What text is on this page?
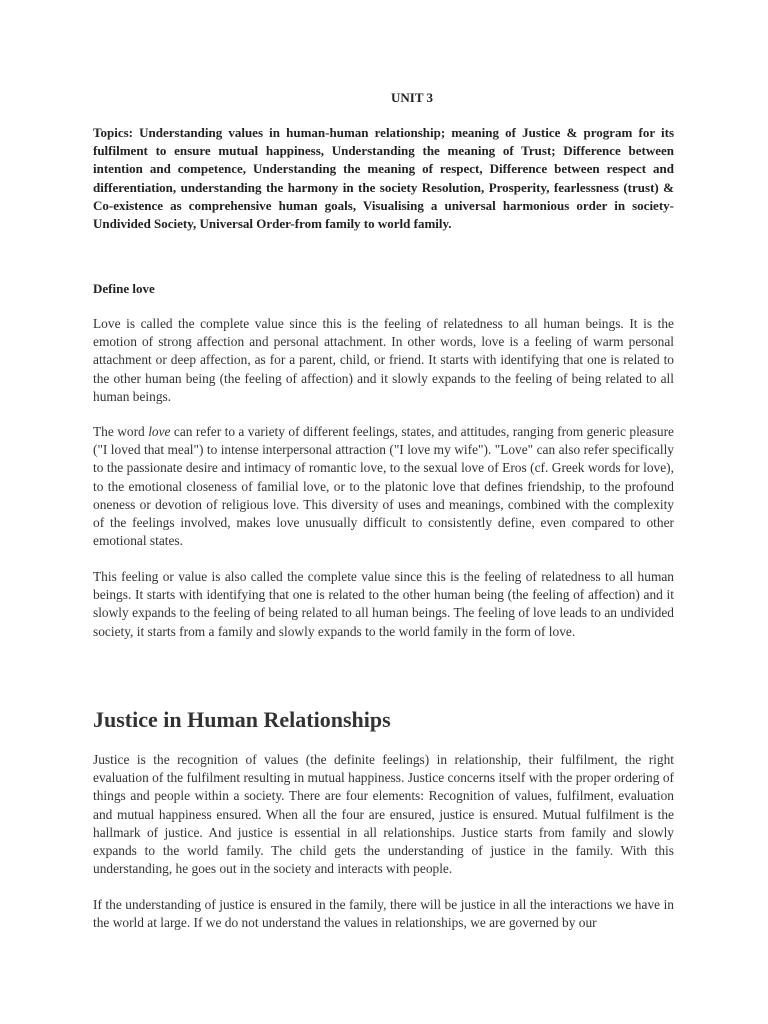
UNIT 3
Topics: Understanding values in human-human relationship; meaning of Justice & program for its fulfilment to ensure mutual happiness, Understanding the meaning of Trust; Difference between intention and competence, Understanding the meaning of respect, Difference between respect and differentiation, understanding the harmony in the society Resolution, Prosperity, fearlessness (trust) & Co-existence as comprehensive human goals, Visualising a universal harmonious order in society-Undivided Society, Universal Order-from family to world family.
Define love

Love is called the complete value since this is the feeling of relatedness to all human beings. It is the emotion of strong affection and personal attachment. In other words, love is a feeling of warm personal attachment or deep affection, as for a parent, child, or friend. It starts with identifying that one is related to the other human being (the feeling of affection) and it slowly expands to the feeling of being related to all human beings.

The word love can refer to a variety of different feelings, states, and attitudes, ranging from generic pleasure ("I loved that meal") to intense interpersonal attraction ("I love my wife"). "Love" can also refer specifically to the passionate desire and intimacy of romantic love, to the sexual love of Eros (cf. Greek words for love), to the emotional closeness of familial love, or to the platonic love that defines friendship, to the profound oneness or devotion of religious love. This diversity of uses and meanings, combined with the complexity of the feelings involved, makes love unusually difficult to consistently define, even compared to other emotional states.

This feeling or value is also called the complete value since this is the feeling of relatedness to all human beings. It starts with identifying that one is related to the other human being (the feeling of affection) and it slowly expands to the feeling of being related to all human beings. The feeling of love leads to an undivided society, it starts from a family and slowly expands to the world family in the form of love.

Justice in Human Relationships

Justice is the recognition of values (the definite feelings) in relationship, their fulfilment, the right evaluation of the fulfilment resulting in mutual happiness. Justice concerns itself with the proper ordering of things and people within a society. There are four elements: Recognition of values, fulfilment, evaluation and mutual happiness ensured. When all the four are ensured, justice is ensured. Mutual fulfilment is the hallmark of justice. And justice is essential in all relationships. Justice starts from family and slowly expands to the world family. The child gets the understanding of justice in the family. With this understanding, he goes out in the society and interacts with people.

If the understanding of justice is ensured in the family, there will be justice in all the interactions we have in the world at large. If we do not understand the values in relationships, we are governed by our
